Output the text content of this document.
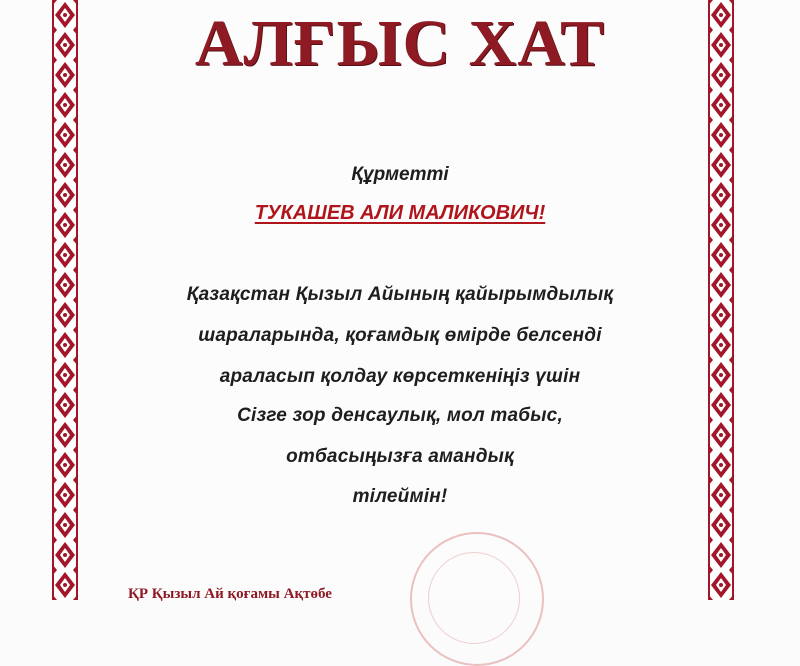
АЛҒЫС ХАТ
Құрметті
ТУКАШЕВ АЛИ МАЛИКОВИЧ!
Қазақстан Қызыл Айының қайырымдылық
шараларында, қоғамдық өмірде белсенді
араласып қолдау көрсеткеніңіз үшін
Сізге зор денсаулық, мол табыс,
отбасыңызға амандық
тілеймін!
ҚР Қызыл Ай қоғамы Ақтөбе
